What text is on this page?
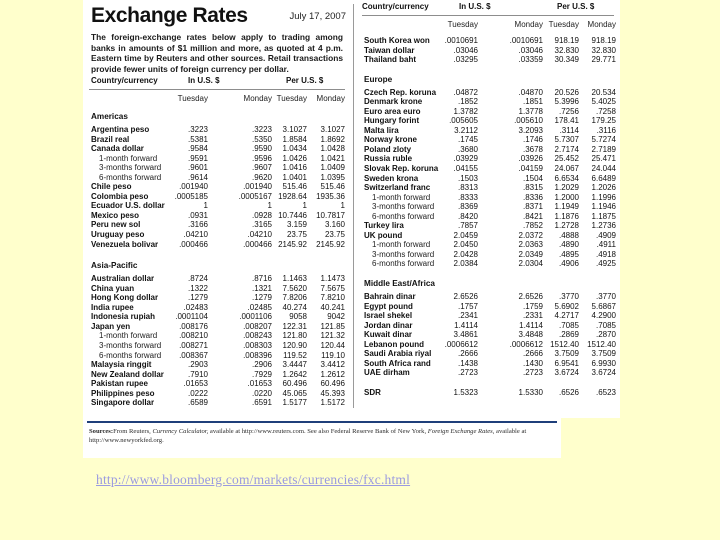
Exchange Rates	July 17, 2007
The foreign-exchange rates below apply to trading among banks in amounts of $1 million and more, as quoted at 4 p.m. Eastern time by Reuters and other sources. Retail transactions provide fewer units of foreign currency per dollar.
Country/currency	In U.S. $	Per U.S. $
Tuesday	Monday Tuesday	Monday
Americas
Argentina peso	.3223	.3223	3.1027	3.1027
Brazil real	.5381	.5350	1.8584	1.8692
Canada dollar	.9584	.9590	1.0434	1.0428
1-month forward	.9591	.9596	1.0426	1.0421
3-months forward	.9601	.9607	1.0416	1.0409
6-months forward	.9614	.9620	1.0401	1.0395
Chile peso	.001940	.001940	515.46	515.46
Colombia peso	.0005185	.0005167 1928.64	1935.36
Ecuador U.S. dollar	1	1	1	1
Mexico peso	.0931	.0928 10.7446	10.7817
Peru new sol	.3166	.3165	3.159	3.160
Uruguay peso	.04210	.04210	23.75	23.75
Venezuela bolivar	.000466	.000466 2145.92	2145.92
Asia-Pacific
Australian dollar	.8724	.8716	1.1463	1.1473
China yuan	.1322	.1321	7.5620	7.5675
Hong Kong dollar	.1279	.1279	7.8206	7.8210
India rupee	.02483	.02485	40.274	40.241
Indonesia rupiah	.0001104	.0001106	9058	9042
Japan yen	.008176	.008207	122.31	121.85
1-month forward	.008210	.008243	121.80	121.32
3-months forward	.008271	.008303	120.90	120.44
6-months forward	.008367	.008396	119.52	119.10
Malaysia ringgit	.2903	.2906	3.4447	3.4412
New Zealand dollar	.7910	.7929	1.2642	1.2612
Pakistan rupee	.01653	.01653	60.496	60.496
Philippines peso	.0222	.0220	45.065	45.393
Singapore dollar	.6589	.6591	1.5177	1.5172
Country/currency	In U.S. $	Per U.S. $
Tuesday	Monday Tuesday	Monday
South Korea won	.0010691	.0010691	918.19	918.19
Taiwan dollar	.03046	.03046	32.830	32.830
Thailand baht	.03295	.03359	30.349	29.771
Europe
Czech Rep. koruna	.04872	.04870	20.526	20.534
Denmark krone	.1852	.1851	5.3996	5.4025
Euro area euro	1.3782	1.3778	.7256	.7258
Hungary forint	.005605	.005610	178.41	179.25
Malta lira	3.2112	3.2093	.3114	.3116
Norway krone	.1745	.1746	5.7307	5.7274
Poland zloty	.3680	.3678	2.7174	2.7189
Russia ruble	.03929	.03926	25.452	25.471
Slovak Rep. koruna	.04155	.04159	24.067	24.044
Sweden krona	.1503	.1504	6.6534	6.6489
Switzerland franc	.8313	.8315	1.2029	1.2026
1-month forward	.8333	.8336	1.2000	1.1996
3-months forward	.8369	.8371	1.1949	1.1946
6-months forward	.8420	.8421	1.1876	1.1875
Turkey lira	.7857	.7852	1.2728	1.2736
UK pound	2.0459	2.0372	.4888	.4909
1-month forward	2.0450	2.0363	.4890	.4911
3-months forward	2.0428	2.0349	.4895	.4918
6-months forward	2.0384	2.0304	.4906	.4925
Middle East/Africa
Bahrain dinar	2.6526	2.6526	.3770	.3770
Egypt pound	.1757	.1759	5.6902	5.6867
Israel shekel	.2341	.2331	4.2717	4.2900
Jordan dinar	1.4114	1.4114	.7085	.7085
Kuwait dinar	3.4861	3.4848	.2869	.2870
Lebanon pound	.0006612	.0006612 1512.40	1512.40
Saudi Arabia riyal	.2666	.2666	3.7509	3.7509
South Africa rand	.1438	.1430	6.9541	6.9930
UAE dirham	.2723	.2723	3.6724	3.6724
SDR	1.5323	1.5330	.6526	.6523
Sources:From Reuters, Currency Calculator, available at http://www.reuters.com. See also Federal Reserve Bank of New York, Foreign Exchange Rates, available at http://www.newyorkfed.org.
http://www.bloomberg.com/markets/currencies/fxc.html
